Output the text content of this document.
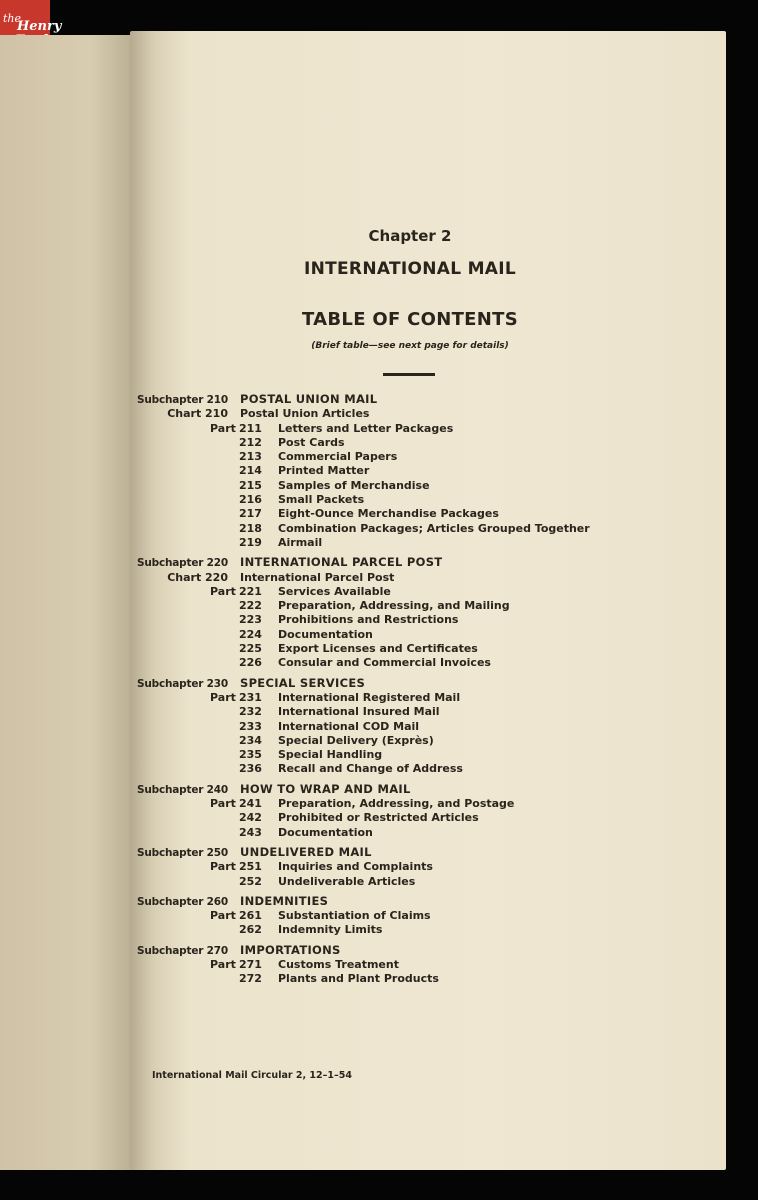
the
Henry
Chapter 2
INTERNATIONAL MAIL
TABLE OF CONTENTS
(Brief table—see next page for details)
Subchapter 210 POSTAL UNION MAIL
Chart 210 Postal Union Articles
Part 211 Letters and Letter Packages
212 Post Cards
213 Commercial Papers
214 Printed Matter
215 Samples of Merchandise
216 Small Packets
217 Eight-Ounce Merchandise Packages
218 Combination Packages; Articles Grouped Together
219 Airmail
Subchapter 220 INTERNATIONAL PARCEL POST
Chart 220 International Parcel Post
Part 221 Services Available
222 Preparation, Addressing, and Mailing
223 Prohibitions and Restrictions
224 Documentation
225 Export Licenses and Certificates
226 Consular and Commercial Invoices
Subchapter 230 SPECIAL SERVICES
Part 231 International Registered Mail
232 International Insured Mail
233 International COD Mail
234 Special Delivery (Exprès)
235 Special Handling
236 Recall and Change of Address
Subchapter 240 HOW TO WRAP AND MAIL
Part 241 Preparation, Addressing, and Postage
242 Prohibited or Restricted Articles
243 Documentation
Subchapter 250 UNDELIVERED MAIL
Part 251 Inquiries and Complaints
252 Undeliverable Articles
Subchapter 260 INDEMNITIES
Part 261 Substantiation of Claims
262 Indemnity Limits
Subchapter 270 IMPORTATIONS
Part 271 Customs Treatment
272 Plants and Plant Products
International Mail Circular 2, 12–1–54
